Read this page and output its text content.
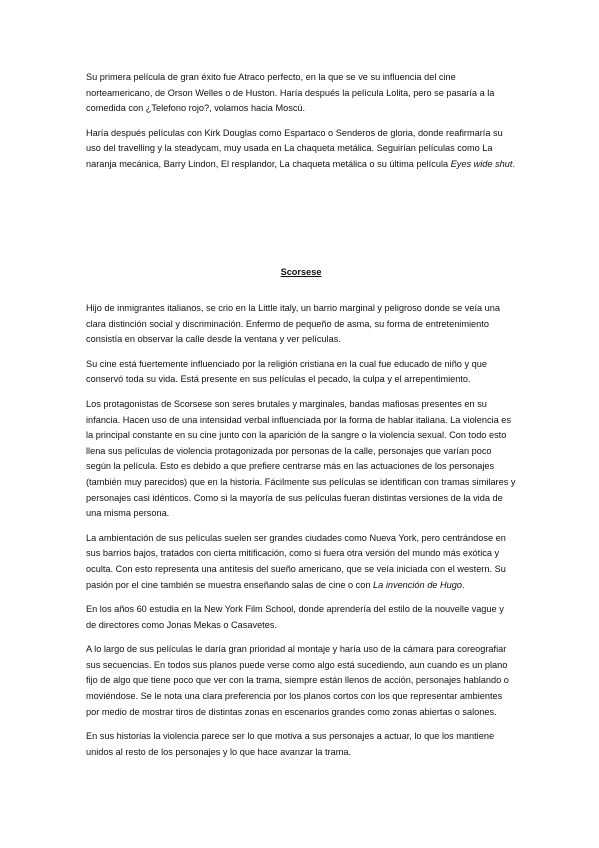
Su primera película de gran éxito fue Atraco perfecto, en la que se ve su influencia del cine norteamericano, de Orson Welles o de Huston. Haría después la película Lolita, pero se pasaría a la comedida con ¿Telefono rojo?, volamos hacia Moscú.

Haría después películas con Kirk Douglas como Espartaco o Senderos de gloria, donde reafirmaría su uso del travelling y la steadycam, muy usada en La chaqueta metálica. Seguirían películas como La naranja mecánica, Barry Lindon, El resplandor, La chaqueta metálica o su última película Eyes wide shut.

Scorsese

Hijo de inmigrantes italianos, se crio en la Little italy, un barrio marginal y peligroso donde se veía una clara distinción social y discriminación. Enfermo de pequeño de asma, su forma de entretenimiento consistía en observar la calle desde la ventana y ver películas.

Su cine está fuertemente influenciado por la religión cristiana en la cual fue educado de niño y que conservó toda su vida. Está presente en sus películas el pecado, la culpa y el arrepentimiento.

Los protagonistas de Scorsese son seres brutales y marginales, bandas mafiosas presentes en su infancia. Hacen uso de una intensidad verbal influenciada por la forma de hablar italiana. La violencia es la principal constante en su cine junto con la aparición de la sangre o la violencia sexual. Con todo esto llena sus películas de violencia protagonizada por personas de la calle, personajes que varían poco según la película. Esto es debido a que prefiere centrarse más en las actuaciones de los personajes (también muy parecidos) que en la historia. Fácilmente sus películas se identifican con tramas similares y personajes casi idénticos. Como si la mayoría de sus películas fueran distintas versiones de la vida de una misma persona.

La ambientación de sus películas suelen ser grandes ciudades como Nueva York, pero centrándose en sus barrios bajos, tratados con cierta mitificación, como si fuera otra versión del mundo más exótica y oculta. Con esto representa una antítesis del sueño americano, que se veía iniciada con el western. Su pasión por el cine también se muestra enseñando salas de cine o con La invención de Hugo.

En los años 60 estudia en la New York Film School, donde aprendería del estilo de la nouvelle vague y de directores como Jonas Mekas o Casavetes.

A lo largo de sus películas le daría gran prioridad al montaje y haría uso de la cámara para coreografiar sus secuencias. En todos sus planos puede verse como algo está sucediendo, aun cuando es un plano fijo de algo que tiene poco que ver con la trama, siempre están llenos de acción, personajes hablando o moviéndose. Se le nota una clara preferencia por los planos cortos con los que representar ambientes por medio de mostrar tiros de distintas zonas en escenarios grandes como zonas abiertas o salones.

En sus historias la violencia parece ser lo que motiva a sus personajes a actuar, lo que los mantiene unidos al resto de los personajes y lo que hace avanzar la trama.
